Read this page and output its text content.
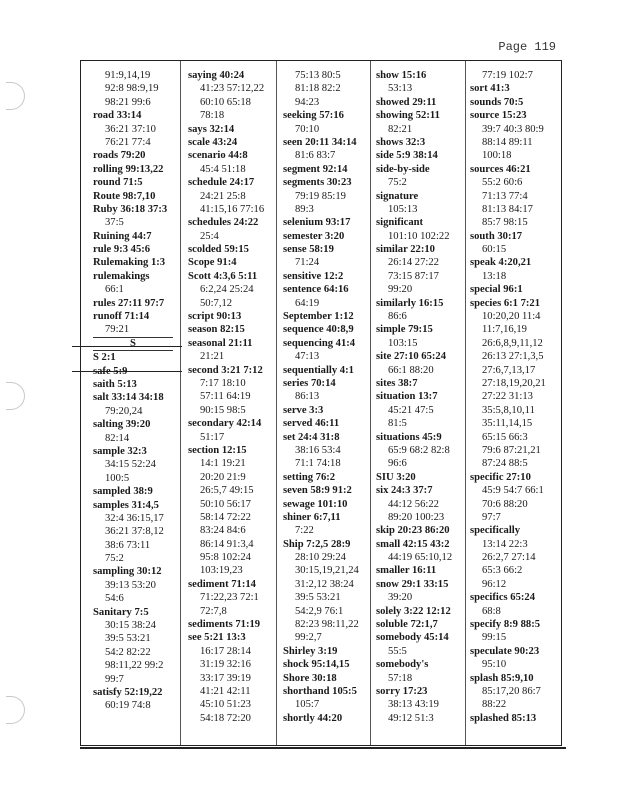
Page 119
91:9,14,19
92:8 98:9,19
98:21 99:6
road 33:14
36:21 37:10
76:21 77:4
roads 79:20
rolling 99:13,22
round 71:5
Route 98:7,10
Ruby 36:18 37:3
37:5
Ruining 44:7
rule 9:3 45:6
Rulemaking 1:3
rulemakings
66:1
rules 27:11 97:7
runoff 71:14
79:21
S
S 2:1
safe 5:9
saith 5:13
salt 33:14 34:18
79:20,24
salting 39:20
82:14
sample 32:3
34:15 52:24
100:5
sampled 38:9
samples 31:4,5
32:4 36:15,17
36:21 37:8,12
38:6 73:11
75:2
sampling 30:12
39:13 53:20
54:6
Sanitary 7:5
30:15 38:24
39:5 53:21
54:2 82:22
98:11,22 99:2
99:7
satisfy 52:19,22
60:19 74:8
saying 40:24
41:23 57:12,22
60:10 65:18
78:18
says 32:14
scale 43:24
scenario 44:8
45:4 51:18
schedule 24:17
24:21 25:8
41:15,16 77:16
schedules 24:22
25:4
scolded 59:15
Scope 91:4
Scott 4:3,6 5:11
6:2,24 25:24
50:7,12
script 90:13
season 82:15
seasonal 21:11
21:21
second 3:21 7:12
7:17 18:10
57:11 64:19
90:15 98:5
secondary 42:14
51:17
section 12:15
14:1 19:21
20:20 21:9
26:5,7 49:15
50:10 56:17
58:14 72:22
83:24 84:6
86:14 91:3,4
95:8 102:24
103:19,23
sediment 71:14
71:22,23 72:1
72:7,8
sediments 71:19
see 5:21 13:3
16:17 28:14
31:19 32:16
33:17 39:19
41:21 42:11
45:10 51:23
54:18 72:20
75:13 80:5
81:18 82:2
94:23
seeking 57:16
70:10
seen 20:11 34:14
81:6 83:7
segment 92:14
segments 30:23
79:19 85:19
89:3
selenium 93:17
semester 3:20
sense 58:19
71:24
sensitive 12:2
sentence 64:16
64:19
September 1:12
sequence 40:8,9
sequencing 41:4
47:13
sequentially 4:1
series 70:14
86:13
serve 3:3
served 46:11
set 24:4 31:8
38:16 53:4
71:1 74:18
setting 76:2
seven 58:9 91:2
sewage 101:10
shiner 6:7,11
7:22
Ship 7:2,5 28:9
28:10 29:24
30:15,19,21,24
31:2,12 38:24
39:5 53:21
54:2,9 76:1
82:23 98:11,22
99:2,7
Shirley 3:19
shock 95:14,15
Shore 30:18
shorthand 105:5
105:7
shortly 44:20
show 15:16
53:13
showed 29:11
showing 52:11
82:21
shows 32:3
side 5:9 38:14
side-by-side
75:2
signature
105:13
significant
101:10 102:22
similar 22:10
26:14 27:22
73:15 87:17
99:20
similarly 16:15
86:6
simple 79:15
103:15
site 27:10 65:24
66:1 88:20
sites 38:7
situation 13:7
45:21 47:5
81:5
situations 45:9
65:9 68:2 82:8
96:6
SIU 3:20
six 24:3 37:7
44:12 56:22
89:20 100:23
skip 20:23 86:20
small 42:15 43:2
44:19 65:10,12
smaller 16:11
snow 29:1 33:15
39:20
solely 3:22 12:12
soluble 72:1,7
somebody 45:14
55:5
somebody's
57:18
sorry 17:23
38:13 43:19
49:12 51:3
77:19 102:7
sort 41:3
sounds 70:5
source 15:23
39:7 40:3 80:9
88:14 89:11
100:18
sources 46:21
55:2 60:6
71:13 77:4
81:13 84:17
85:7 98:15
south 30:17
60:15
speak 4:20,21
13:18
special 96:1
species 6:1 7:21
10:20,20 11:4
11:7,16,19
26:6,8,9,11,12
26:13 27:1,3,5
27:6,7,13,17
27:18,19,20,21
27:22 31:13
35:5,8,10,11
35:11,14,15
65:15 66:3
79:6 87:21,21
87:24 88:5
specific 27:10
45:9 54:7 66:1
70:6 88:20
97:7
specifically
13:14 22:3
26:2,7 27:14
65:3 66:2
96:12
specifics 65:24
68:8
specify 8:9 88:5
99:15
speculate 90:23
95:10
splash 85:9,10
85:17,20 86:7
88:22
splashed 85:13
